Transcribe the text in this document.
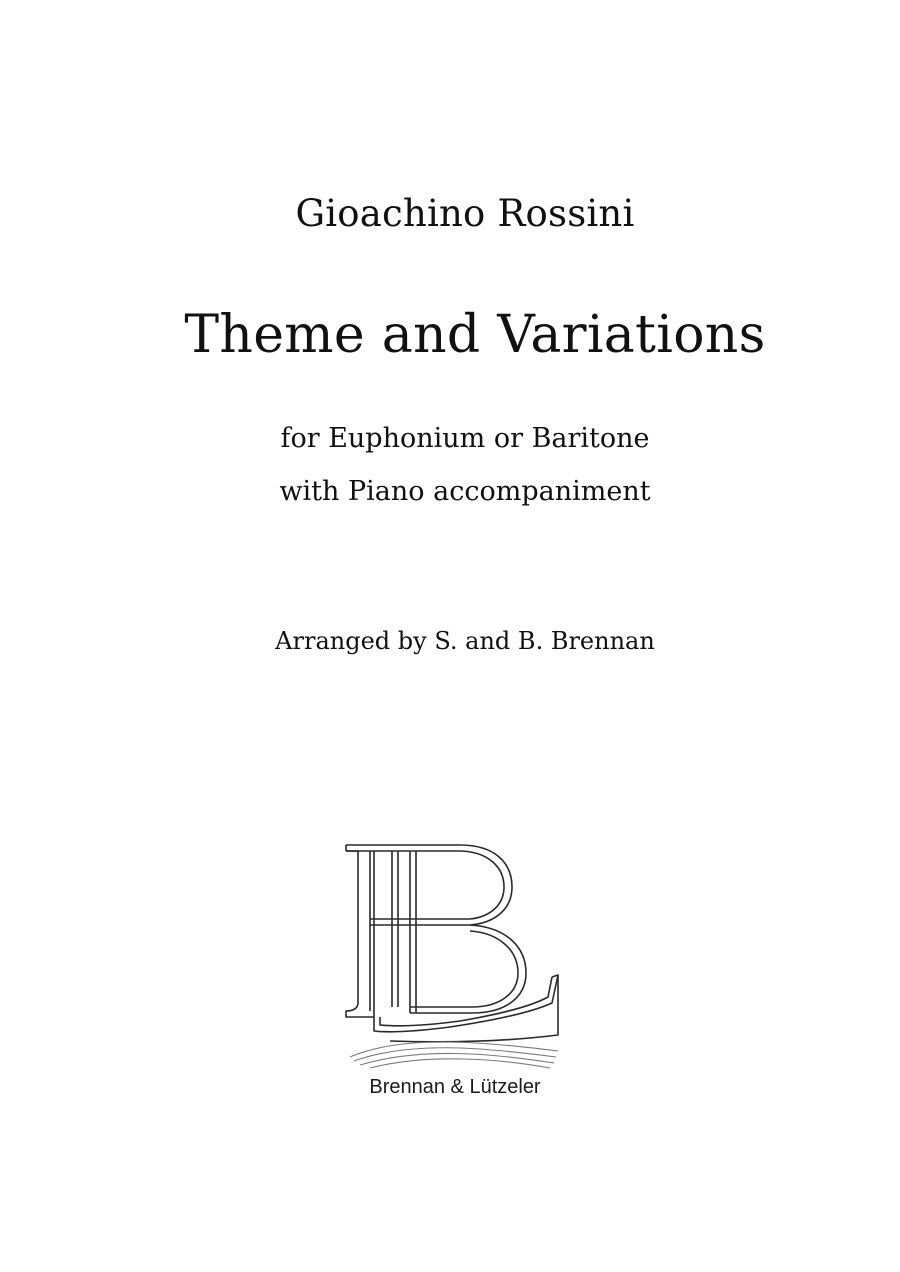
Gioachino Rossini
Theme and Variations
for Euphonium or Baritone
with Piano accompaniment
Arranged by S. and B. Brennan
Brennan & Lützeler
